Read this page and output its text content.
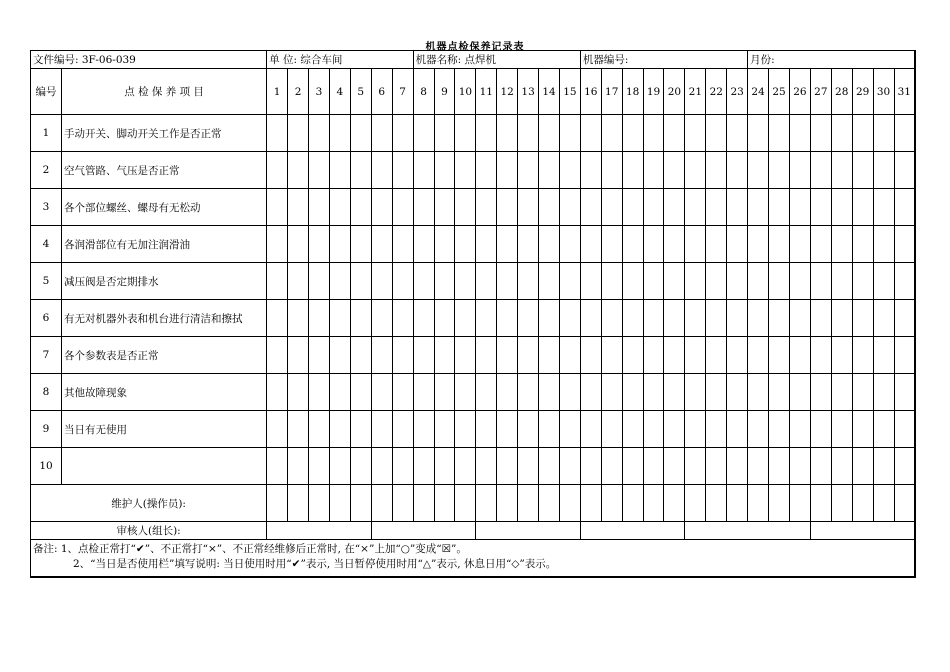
机器点检保养记录表
文件编号: 3F-06-039		单 位: 综合车间							机器名称: 点焊机								机器编号:								月份:							
编号	点 检 保 养 项 目	1	2	3	4	5	6	7	8	9	10	11	12	13	14	15	16	17	18	19	20	21	22	23	24	25	26	27	28	29	30	31
1	手动开关、脚动开关工作是否正常																															
2	空气管路、气压是否正常																															
3	各个部位螺丝、螺母有无松动																															
4	各润滑部位有无加注润滑油																															
5	减压阀是否定期排水																															
6	有无对机器外表和机台进行清洁和擦拭																															
7	各个参数表是否正常																															
8	其他故障现象																															
9	当日有无使用																															
10																																
维护人(操作员):																																
审核人(组长):																																

备注: 1、点检正常打“✔”、不正常打“×”、不正常经维修后正常时, 在“×”上加“○”变成“☒”。
2、“当日是否使用栏”填写说明: 当日使用时用“✔”表示, 当日暂停使用时用“△”表示, 休息日用“◇”表示。																																
